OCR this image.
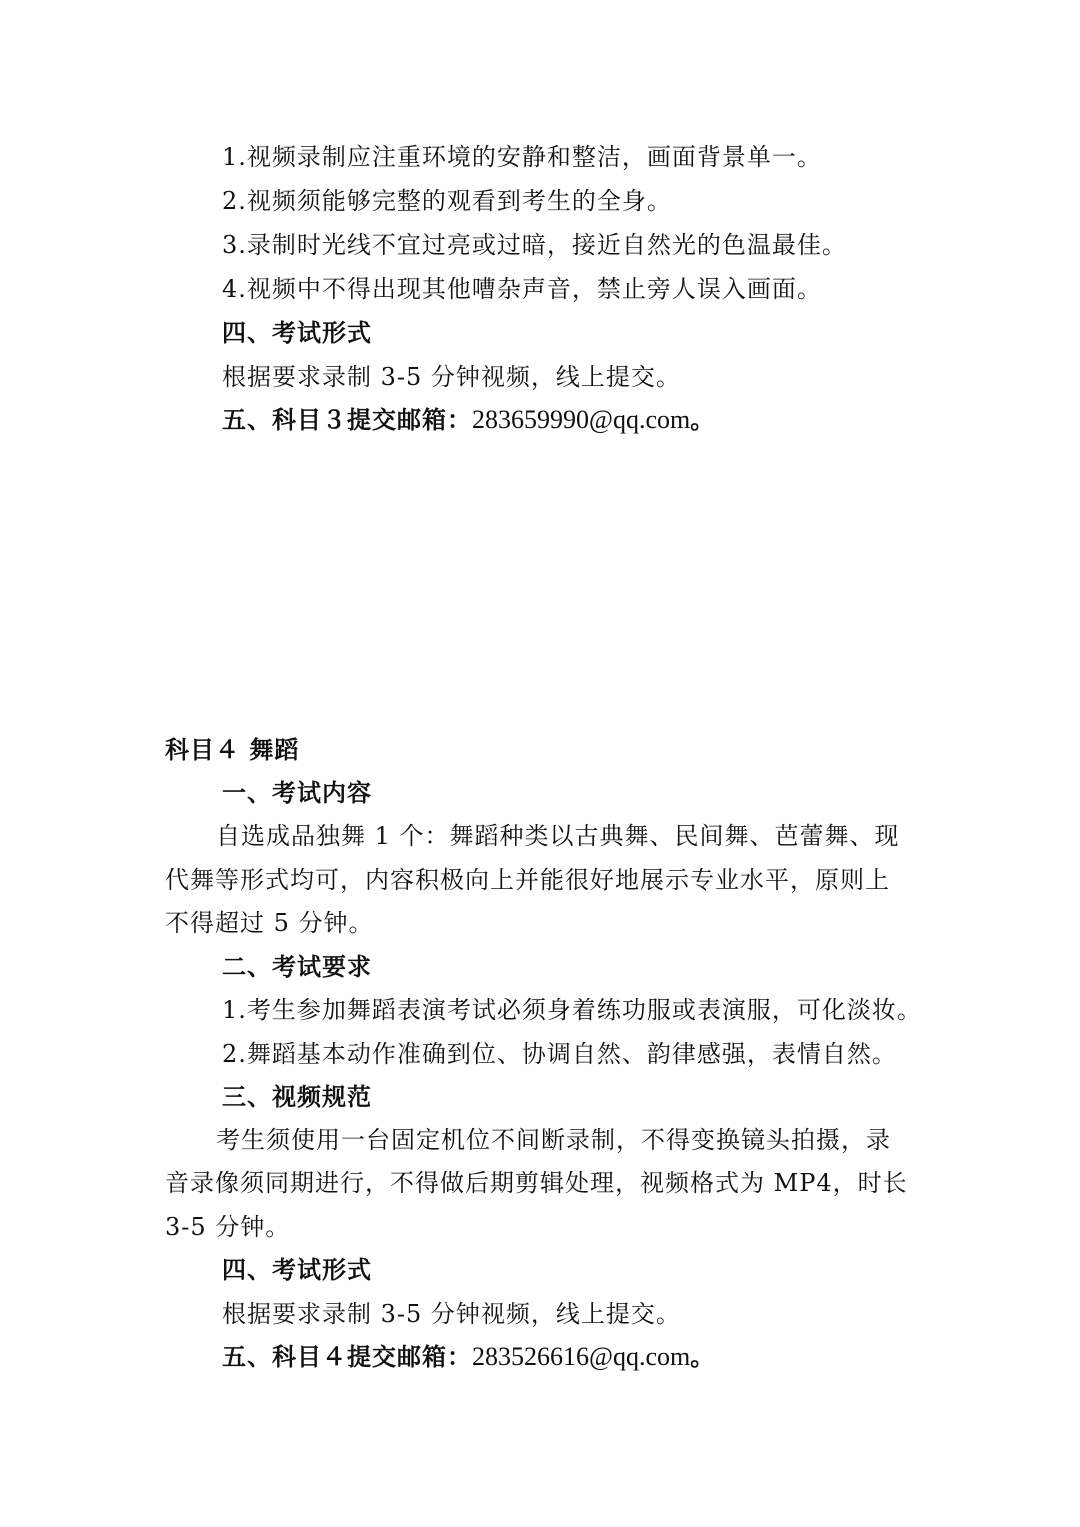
1.视频录制应注重环境的安静和整洁，画面背景单一。
2.视频须能够完整的观看到考生的全身。
3.录制时光线不宜过亮或过暗，接近自然光的色温最佳。
4.视频中不得出现其他嘈杂声音，禁止旁人误入画面。
四、考试形式
根据要求录制 3-5 分钟视频，线上提交。
五、科目３提交邮箱：283659990@qq.com。
科目４ 舞蹈
一、考试内容
自选成品独舞 1 个：舞蹈种类以古典舞、民间舞、芭蕾舞、现
代舞等形式均可，内容积极向上并能很好地展示专业水平，原则上
不得超过 5 分钟。
二、考试要求
1.考生参加舞蹈表演考试必须身着练功服或表演服，可化淡妆。
2.舞蹈基本动作准确到位、协调自然、韵律感强，表情自然。
三、视频规范
考生须使用一台固定机位不间断录制，不得变换镜头拍摄，录
音录像须同期进行，不得做后期剪辑处理，视频格式为 MP4，时长
3-5 分钟。
四、考试形式
根据要求录制 3-5 分钟视频，线上提交。
五、科目４提交邮箱：283526616@qq.com。
